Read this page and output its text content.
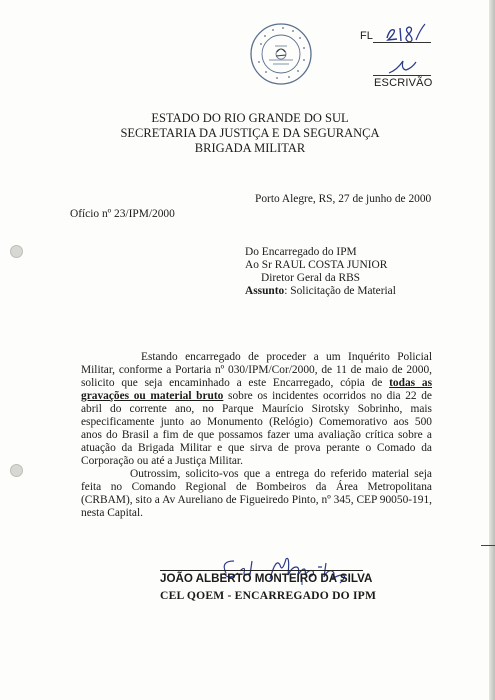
FL
ESCRIVÃO
ESTADO DO RIO GRANDE DO SUL
SECRETARIA DA JUSTIÇA E DA SEGURANÇA
BRIGADA MILITAR
Porto Alegre, RS, 27 de junho de 2000
Ofício nº 23/IPM/2000
Do Encarregado do IPM
Ao Sr RAUL COSTA JUNIOR
Diretor Geral da RBS
Assunto: Solicitação de Material

Estando encarregado de proceder a um Inquérito Policial Militar, conforme a Portaria nº 030/IPM/Cor/2000, de 11 de maio de 2000, solicito que seja encaminhado a este Encarregado, cópia de todas as gravações ou material bruto sobre os incidentes ocorridos no dia 22 de abril do corrente ano, no Parque Maurício Sirotsky Sobrinho, mais especificamente junto ao Monumento (Relógio) Comemorativo aos 500 anos do Brasil a fim de que possamos fazer uma avaliação crítica sobre a atuação da Brigada Militar e que sirva de prova perante o Comado da Corporação ou até a Justiça Militar.

Outrossim, solicito-vos que a entrega do referido material seja feita no Comando Regional de Bombeiros da Área Metropolitana (CRBAM), sito a Av Aureliano de Figueiredo Pinto, nº 345, CEP 90050-191, nesta Capital.

JOÃO ALBERTO MONTEIRO DA SILVA
CEL QOEM - ENCARREGADO DO IPM
